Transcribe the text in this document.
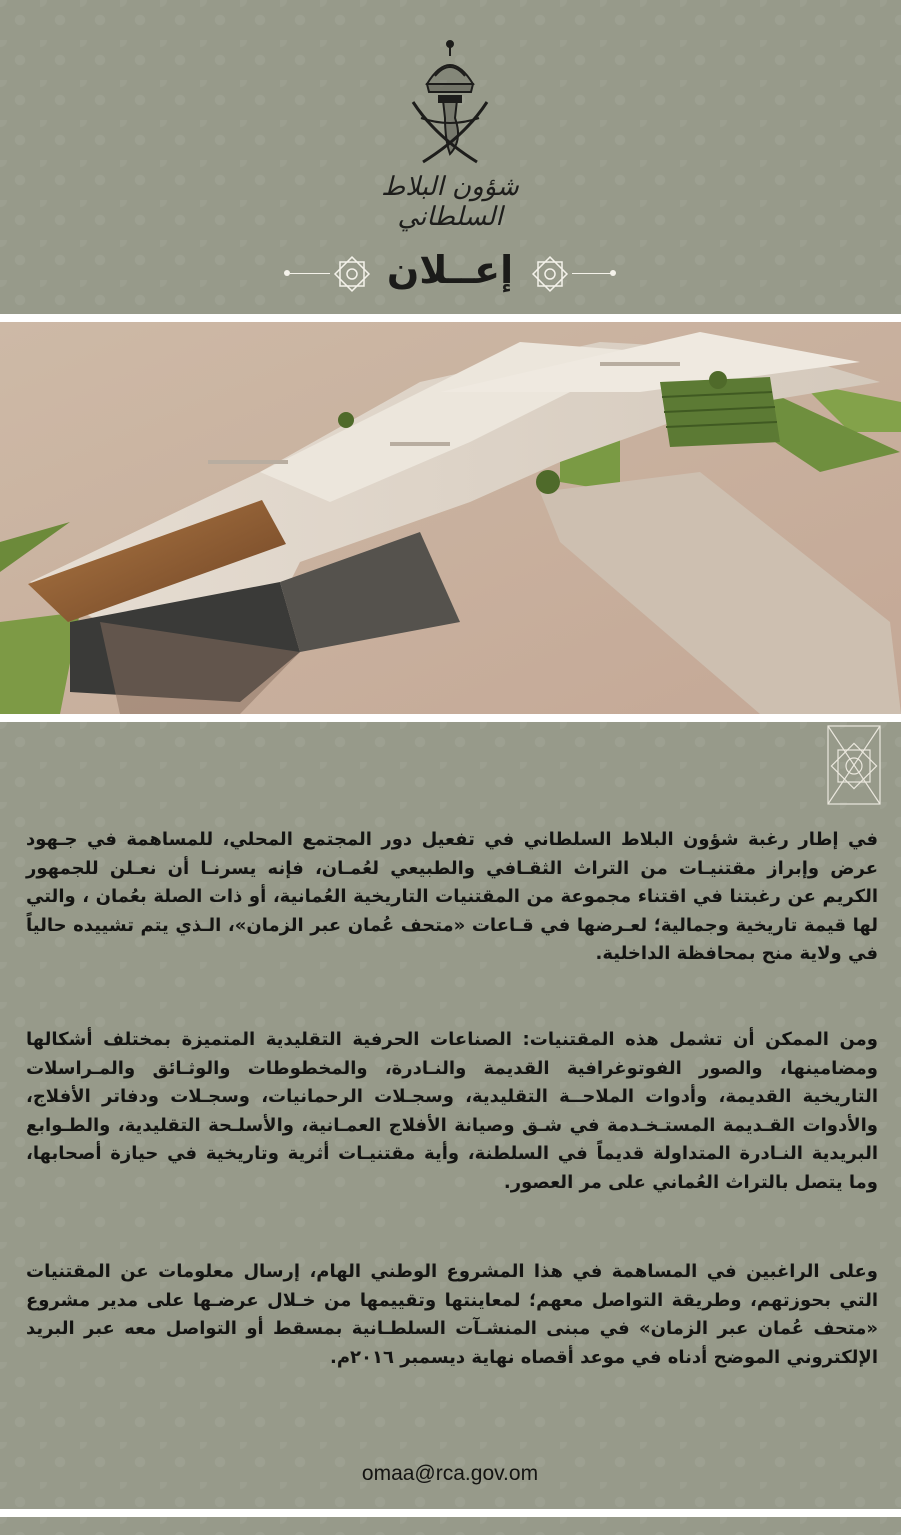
شؤون البلاط السلطاني
إعــلان

في إطار رغبة شؤون البلاط السلطاني في تفعيل دور المجتمع المحلي، للمساهمة في جـهود عرض وإبراز مقتنيـات من التراث الثقـافي والطبيعي لعُمـان، فإنه يسرنـا أن نعـلن للجمهور الكريم عن رغبتنا في اقتناء مجموعة من المقتنيات التاريخية العُمانية، أو ذات الصلة بعُمان ، والتي لها قيمة تاريخية وجمالية؛ لعـرضها في قـاعات «متحف عُمان عبر الزمان»، الـذي يتم تشييده حالياً في ولاية منح بمحافظة الداخلية.

ومن الممكن أن تشمل هذه المقتنيات: الصناعات الحرفية التقليدية المتميزة بمختلف أشكالها ومضامينها، والصور الفوتوغرافية القديمة والنـادرة، والمخطوطات والوثـائق والمـراسلات التاريخية القديمة، وأدوات الملاحــة التقليدية، وسجـلات الرحمانيات، وسجـلات ودفاتر الأفلاج، والأدوات القـديمة المستـخـدمة في شـق وصيانة الأفلاج العمـانية، والأسلـحة التقليدية، والطـوابع البريدية النـادرة المتداولة قديماً في السلطنة، وأية مقتنيـات أثرية وتاريخية في حيازة أصحابها، وما يتصل بالتراث العُماني على مر العصور.

وعلى الراغبين في المساهمة في هذا المشروع الوطني الهام، إرسال معلومات عن المقتنيات التي بحوزتهم، وطريقة التواصل معهم؛ لمعاينتها وتقييمها من خـلال عرضـها على مدير مشروع «متحف عُمان عبر الزمان» في مبنى المنشـآت السلطـانية بمسقط أو التواصل معه عبر البريد الإلكتروني الموضح أدناه في موعد أقصاه نهاية ديسمبر ٢٠١٦م.

omaa@rca.gov.om
